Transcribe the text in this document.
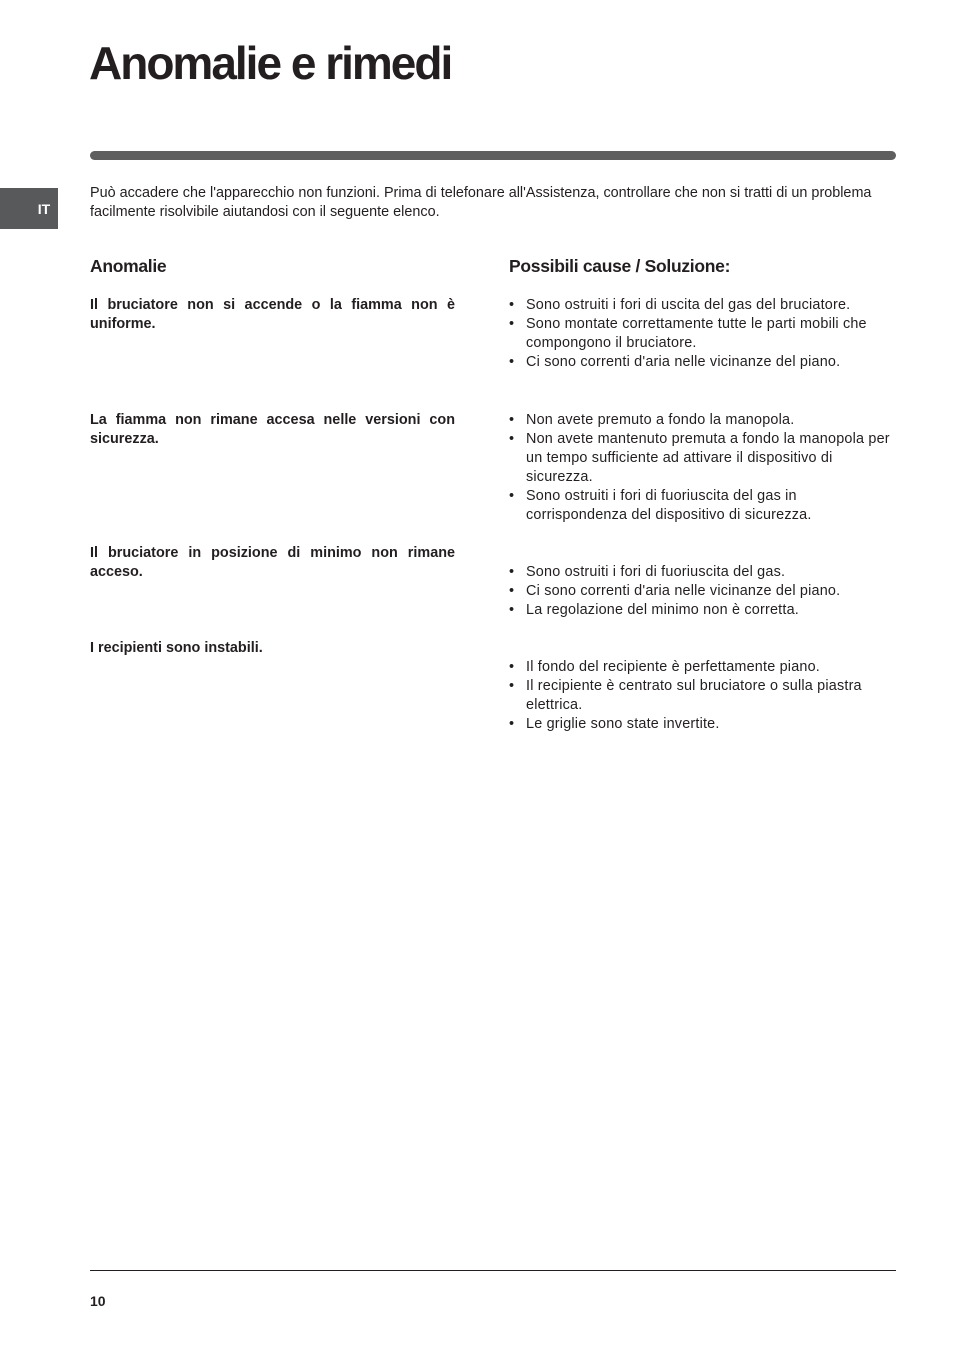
Anomalie e rimedi
IT

Può accadere che l'apparecchio non funzioni. Prima di telefonare all'Assistenza, controllare che non si tratti di un problema facilmente risolvibile aiutandosi con il seguente elenco.

Anomalie	Possibili cause / Soluzione:

Il bruciatore non si accende o la fiamma non è uniforme.

• Sono ostruiti i fori di uscita del gas del bruciatore.
• Sono montate correttamente tutte le parti mobili che compongono il bruciatore.
• Ci sono correnti d'aria nelle vicinanze del piano.

La fiamma non rimane accesa nelle versioni con sicurezza.

• Non avete premuto a fondo la manopola.
• Non avete mantenuto premuta a fondo la manopola per un tempo sufficiente ad attivare il dispositivo di sicurezza.
• Sono ostruiti i fori di fuoriuscita del gas in corrispondenza del dispositivo di sicurezza.

Il bruciatore in posizione di minimo non rimane acceso.	• Sono ostruiti i fori di fuoriuscita del gas.
• Ci sono correnti d'aria nelle vicinanze del piano.
• La regolazione del minimo non è corretta.

I recipienti sono instabili.

• Il fondo del recipiente è perfettamente piano.
• Il recipiente è centrato sul bruciatore o sulla piastra elettrica.
• Le griglie sono state invertite.

10
